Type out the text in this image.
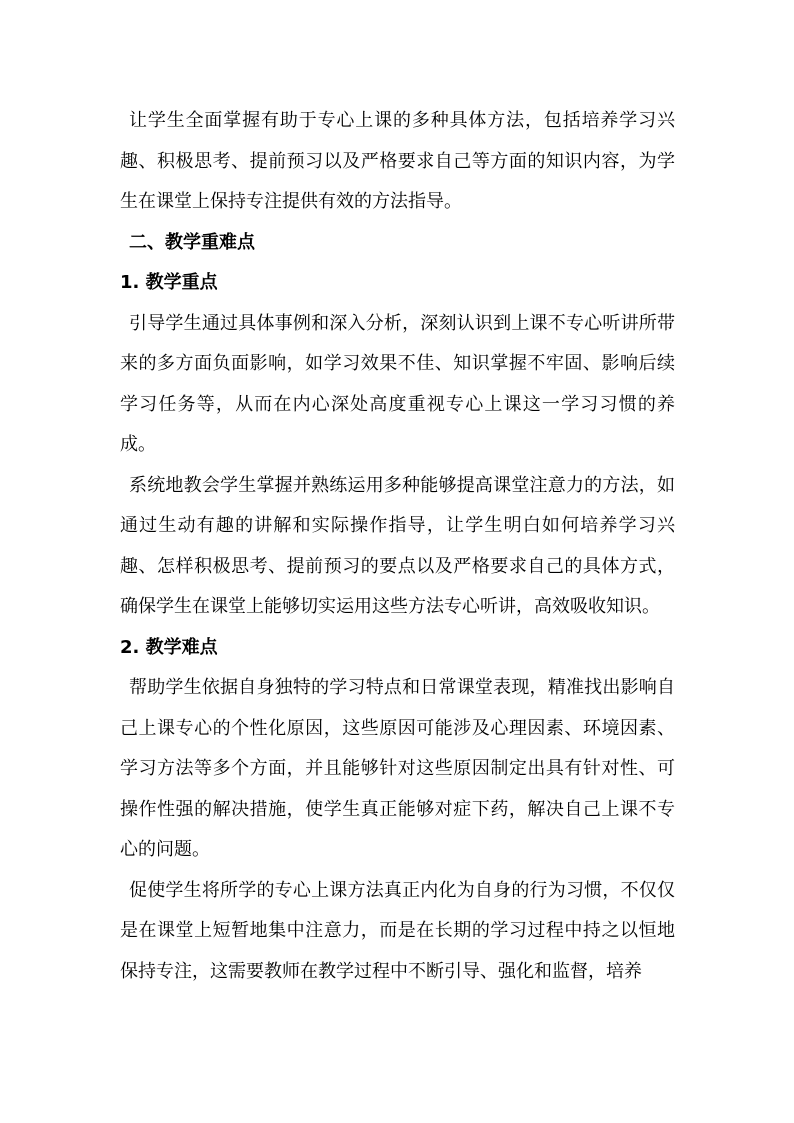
让学生全面掌握有助于专心上课的多种具体方法，包括培养学习兴趣、积极思考、提前预习以及严格要求自己等方面的知识内容，为学生在课堂上保持专注提供有效的方法指导。

二、教学重难点

1. 教学重点

引导学生通过具体事例和深入分析，深刻认识到上课不专心听讲所带来的多方面负面影响，如学习效果不佳、知识掌握不牢固、影响后续学习任务等，从而在内心深处高度重视专心上课这一学习习惯的养成。

系统地教会学生掌握并熟练运用多种能够提高课堂注意力的方法，如通过生动有趣的讲解和实际操作指导，让学生明白如何培养学习兴趣、怎样积极思考、提前预习的要点以及严格要求自己的具体方式，确保学生在课堂上能够切实运用这些方法专心听讲，高效吸收知识。

2. 教学难点

帮助学生依据自身独特的学习特点和日常课堂表现，精准找出影响自己上课专心的个性化原因，这些原因可能涉及心理因素、环境因素、学习方法等多个方面，并且能够针对这些原因制定出具有针对性、可操作性强的解决措施，使学生真正能够对症下药，解决自己上课不专心的问题。

促使学生将所学的专心上课方法真正内化为自身的行为习惯，不仅仅是在课堂上短暂地集中注意力，而是在长期的学习过程中持之以恒地保持专注，这需要教师在教学过程中不断引导、强化和监督，培养
